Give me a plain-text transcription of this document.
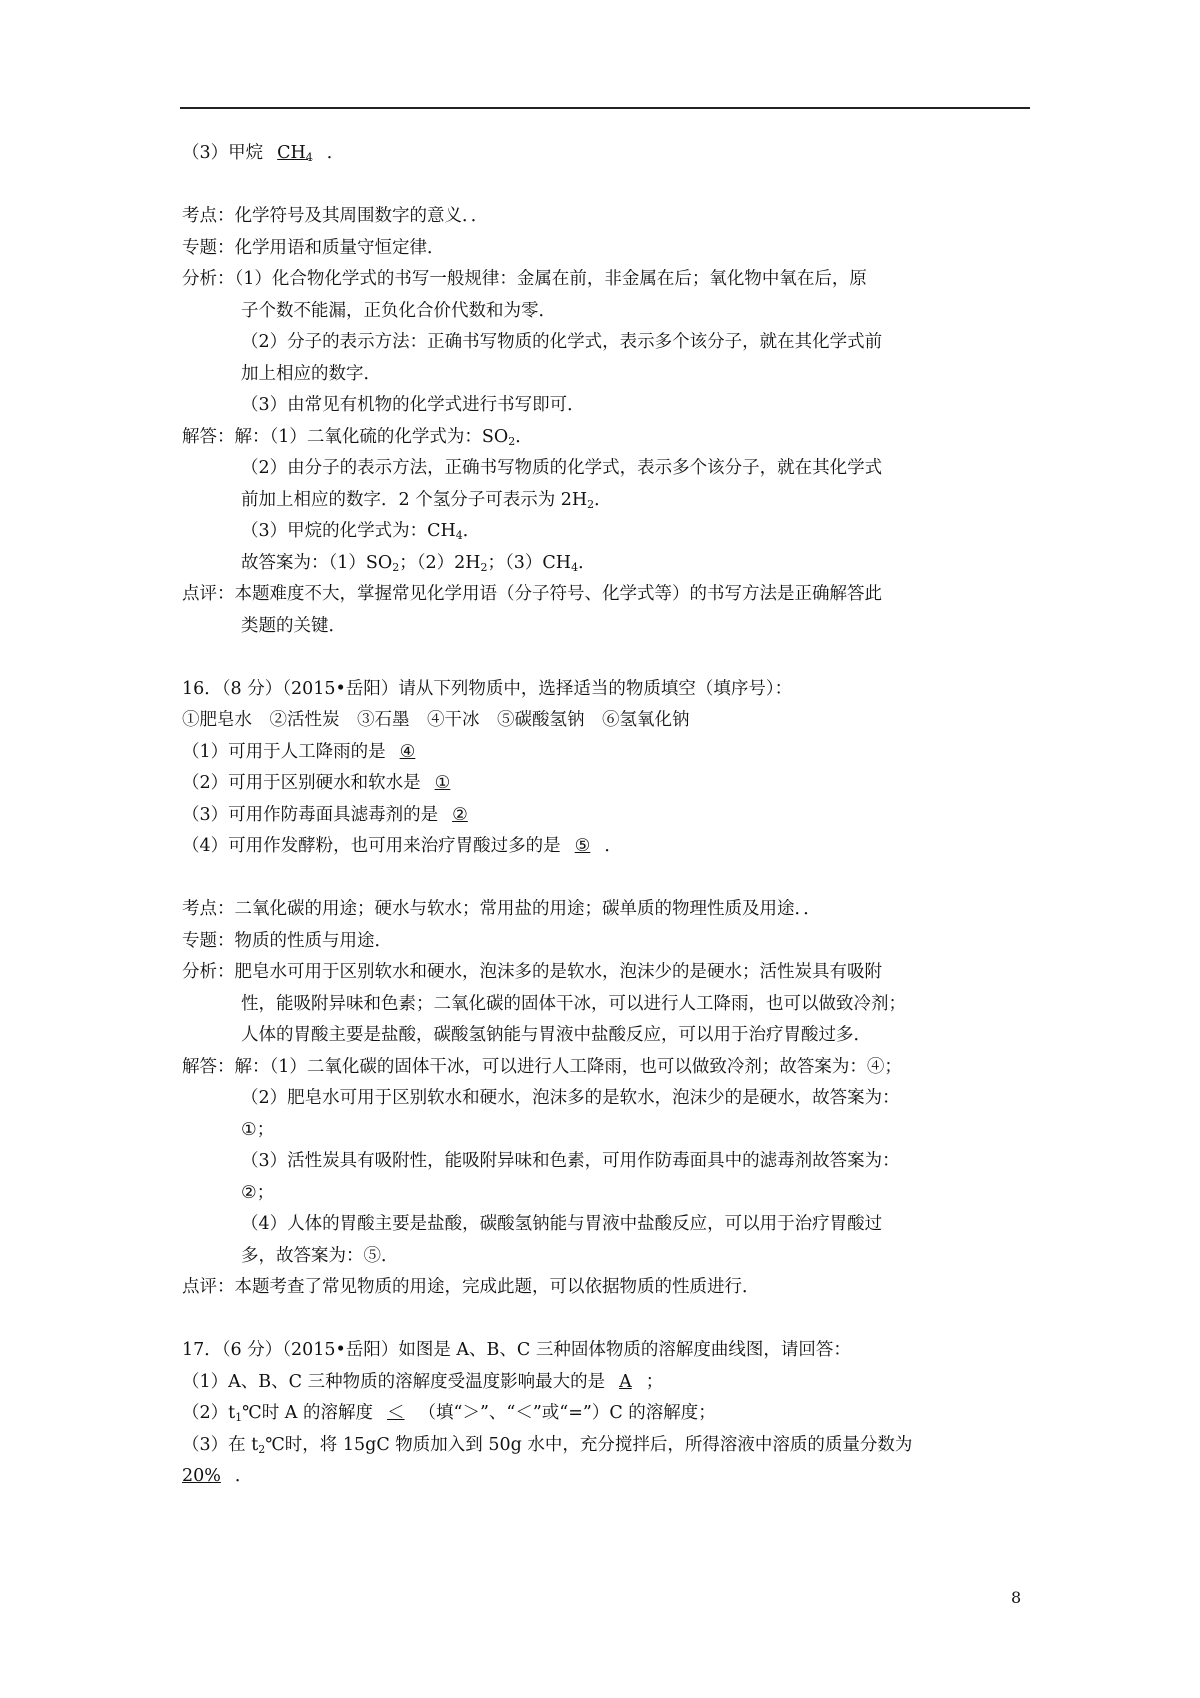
（3）甲烷 $CH_4$ ．
考点：化学符号及其周围数字的意义．．
专题：化学用语和质量守恒定律．
分析：（1）化合物化学式的书写一般规律：金属在前，非金属在后；氧化物中氧在后，原
子个数不能漏，正负化合价代数和为零．
（2）分子的表示方法：正确书写物质的化学式，表示多个该分子，就在其化学式前
加上相应的数字．
（3）由常见有机物的化学式进行书写即可．
解答：解：（1）二氧化硫的化学式为：$SO_2$．
（2）由分子的表示方法，正确书写物质的化学式，表示多个该分子，就在其化学式
前加上相应的数字．2 个氢分子可表示为 $2H_2$．
（3）甲烷的化学式为：$CH_4$．
故答案为：$(1)SO_2$；$(2)2H_2$；$(3)CH_4$．
点评：本题难度不大，掌握常见化学用语（分子符号、化学式等）的书写方法是正确解答此
类题的关键．
16．（8 分）（2015•岳阳）请从下列物质中，选择适当的物质填空（填序号）：
①肥皂水　②活性炭　③石墨　④干冰　⑤碳酸氢钠　⑥氢氧化钠
（1）可用于人工降雨的是 ④
（2）可用于区别硬水和软水是 ①
（3）可用作防毒面具滤毒剂的是 ②
（4）可用作发酵粉，也可用来治疗胃酸过多的是 ⑤ ．
考点：二氧化碳的用途；硬水与软水；常用盐的用途；碳单质的物理性质及用途．．
专题：物质的性质与用途．
分析：肥皂水可用于区别软水和硬水，泡沫多的是软水，泡沫少的是硬水；活性炭具有吸附
性，能吸附异味和色素；二氧化碳的固体干冰，可以进行人工降雨，也可以做致冷剂；
人体的胃酸主要是盐酸，碳酸氢钠能与胃液中盐酸反应，可以用于治疗胃酸过多．
解答：解：（1）二氧化碳的固体干冰，可以进行人工降雨，也可以做致冷剂；故答案为：④；
（2）肥皂水可用于区别软水和硬水，泡沫多的是软水，泡沫少的是硬水，故答案为：
①；
（3）活性炭具有吸附性，能吸附异味和色素，可用作防毒面具中的滤毒剂故答案为：
②；
（4）人体的胃酸主要是盐酸，碳酸氢钠能与胃液中盐酸反应，可以用于治疗胃酸过
多，故答案为：⑤．
点评：本题考查了常见物质的用途，完成此题，可以依据物质的性质进行．
17．（6 分）（2015•岳阳）如图是 A、B、C 三种固体物质的溶解度曲线图，请回答：
（1）A、B、C 三种物质的溶解度受温度影响最大的是 A ；
$(2)t_1℃$时 A 的溶解度 ＜ （填“＞”、“＜”或“=”）C 的溶解度；
（3）在 $t_2℃$时，将 15gC 物质加入到 50g 水中，充分搅拌后，所得溶液中溶质的质量分数为
20% ．
8
